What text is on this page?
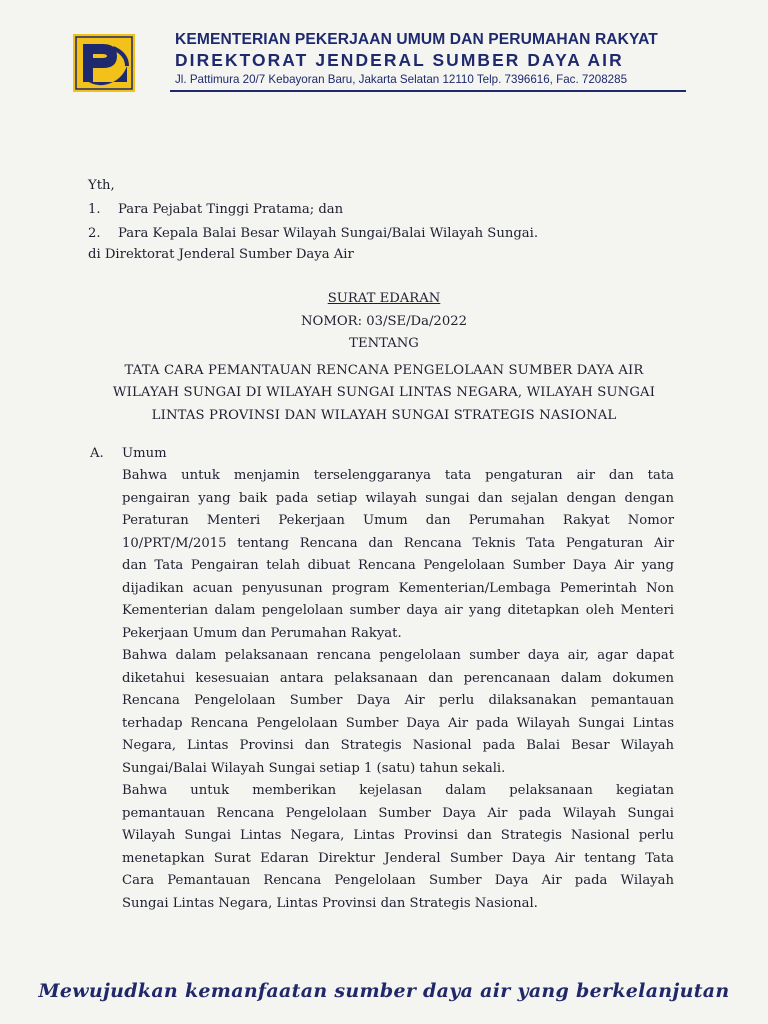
KEMENTERIAN PEKERJAAN UMUM DAN PERUMAHAN RAKYAT
DIREKTORAT JENDERAL SUMBER DAYA AIR
Jl. Pattimura 20/7 Kebayoran Baru, Jakarta Selatan 12110 Telp. 7396616, Fac. 7208285
Yth,
1.	Para Pejabat Tinggi Pratama; dan
2.	Para Kepala Balai Besar Wilayah Sungai/Balai Wilayah Sungai.
di Direktorat Jenderal Sumber Daya Air
SURAT EDARAN
NOMOR: 03/SE/Da/2022
TENTANG
TATA CARA PEMANTAUAN RENCANA PENGELOLAAN SUMBER DAYA AIR
WILAYAH SUNGAI DI WILAYAH SUNGAI LINTAS NEGARA, WILAYAH SUNGAI
LINTAS PROVINSI DAN WILAYAH SUNGAI STRATEGIS NASIONAL
A. Umum
Bahwa untuk menjamin terselenggaranya tata pengaturan air dan tata
pengairan yang baik pada setiap wilayah sungai dan sejalan dengan dengan
Peraturan Menteri Pekerjaan Umum dan Perumahan Rakyat Nomor
10/PRT/M/2015 tentang Rencana dan Rencana Teknis Tata Pengaturan Air
dan Tata Pengairan telah dibuat Rencana Pengelolaan Sumber Daya Air yang
dijadikan acuan penyusunan program Kementerian/Lembaga Pemerintah Non
Kementerian dalam pengelolaan sumber daya air yang ditetapkan oleh Menteri
Pekerjaan Umum dan Perumahan Rakyat.
Bahwa dalam pelaksanaan rencana pengelolaan sumber daya air, agar dapat
diketahui kesesuaian antara pelaksanaan dan perencanaan dalam dokumen
Rencana Pengelolaan Sumber Daya Air perlu dilaksanakan pemantauan
terhadap Rencana Pengelolaan Sumber Daya Air pada Wilayah Sungai Lintas
Negara, Lintas Provinsi dan Strategis Nasional pada Balai Besar Wilayah
Sungai/Balai Wilayah Sungai setiap 1 (satu) tahun sekali.
Bahwa untuk memberikan kejelasan dalam pelaksanaan kegiatan
pemantauan Rencana Pengelolaan Sumber Daya Air pada Wilayah Sungai
Wilayah Sungai Lintas Negara, Lintas Provinsi dan Strategis Nasional perlu
menetapkan Surat Edaran Direktur Jenderal Sumber Daya Air tentang Tata
Cara Pemantauan Rencana Pengelolaan Sumber Daya Air pada Wilayah
Sungai Lintas Negara, Lintas Provinsi dan Strategis Nasional.
Mewujudkan kemanfaatan sumber daya air yang berkelanjutan
